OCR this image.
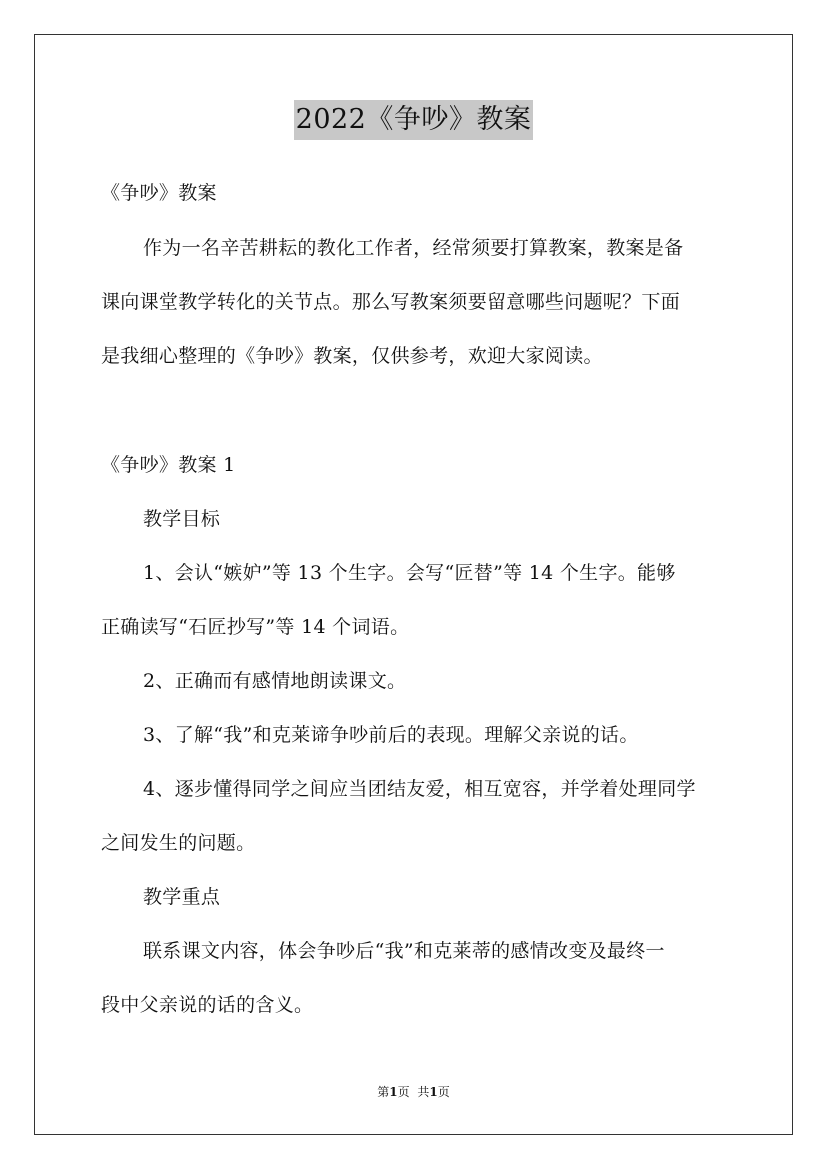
2022《争吵》教案
《争吵》教案
作为一名辛苦耕耘的教化工作者，经常须要打算教案，教案是备
课向课堂教学转化的关节点。那么写教案须要留意哪些问题呢？下面
是我细心整理的《争吵》教案，仅供参考，欢迎大家阅读。
《争吵》教案 1
教学目标
1、会认“嫉妒”等 13 个生字。会写“匠替”等 14 个生字。能够
正确读写“石匠抄写”等 14 个词语。
2、正确而有感情地朗读课文。
3、了解“我”和克莱谛争吵前后的表现。理解父亲说的话。
4、逐步懂得同学之间应当团结友爱，相互宽容，并学着处理同学
之间发生的问题。
教学重点
联系课文内容，体会争吵后“我”和克莱蒂的感情改变及最终一
段中父亲说的话的含义。
第1页 共1页
